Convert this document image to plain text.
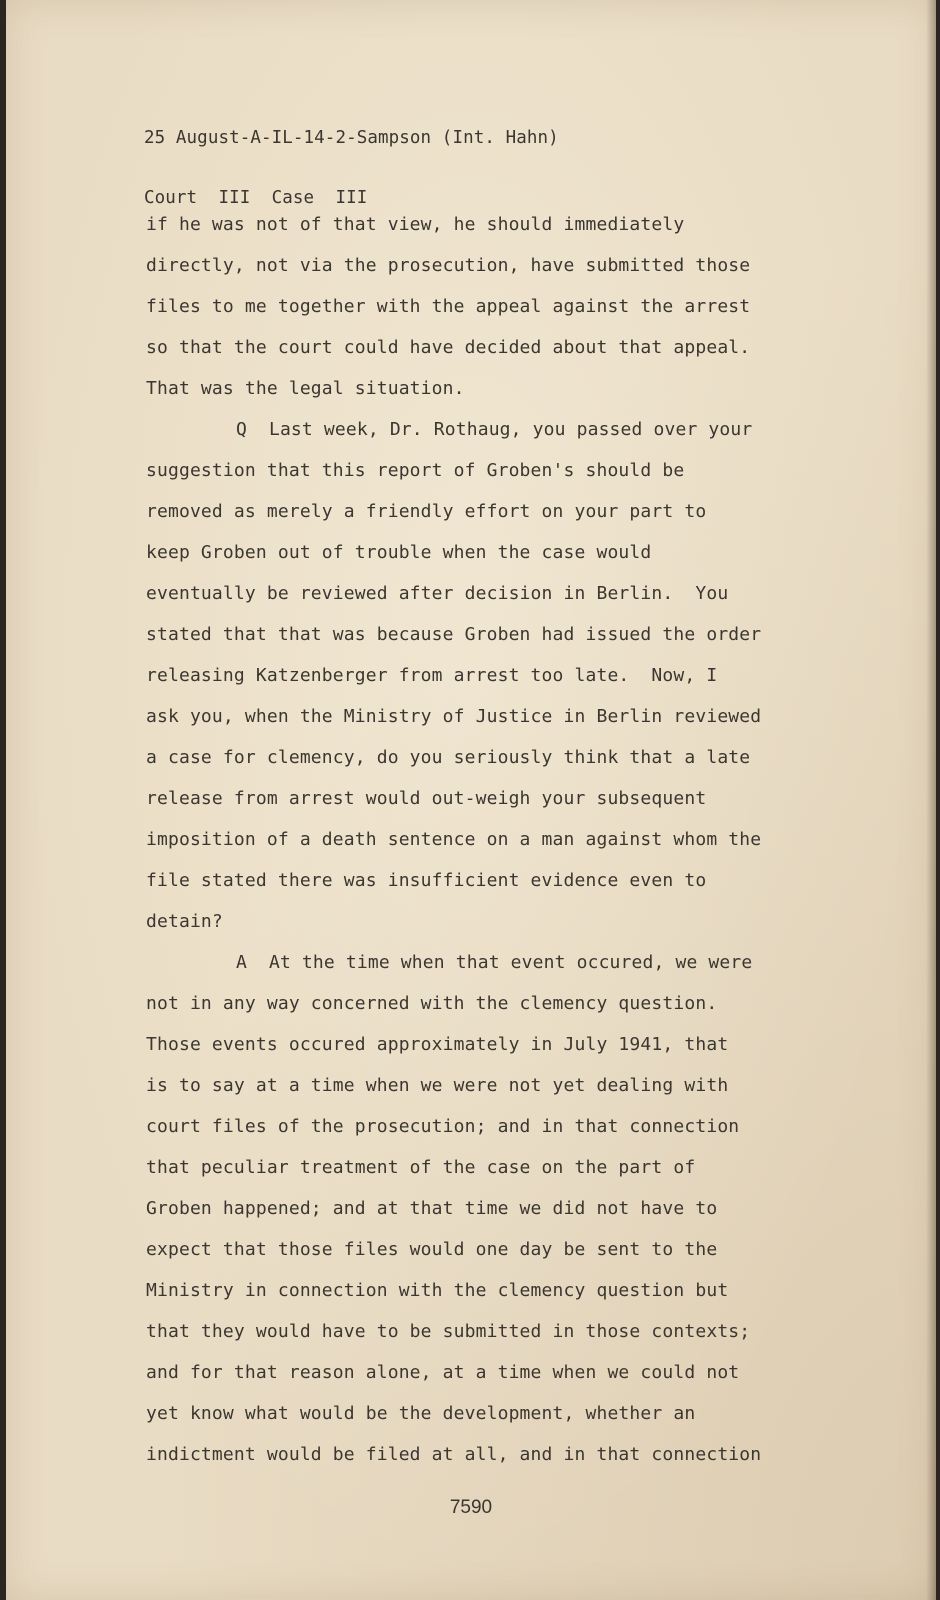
25 August-A-IL-14-2-Sampson (Int. Hahn)

Court  III  Case  III

if he was not of that view, he should immediately
directly, not via the prosecution, have submitted those
files to me together with the appeal against the arrest
so that the court could have decided about that appeal.
That was the legal situation.
Q  Last week, Dr. Rothaug, you passed over your
suggestion that this report of Groben's should be
removed as merely a friendly effort on your part to
keep Groben out of trouble when the case would
eventually be reviewed after decision in Berlin.  You
stated that that was because Groben had issued the order
releasing Katzenberger from arrest too late.  Now, I
ask you, when the Ministry of Justice in Berlin reviewed
a case for clemency, do you seriously think that a late
release from arrest would out-weigh your subsequent
imposition of a death sentence on a man against whom the
file stated there was insufficient evidence even to
detain?
A  At the time when that event occured, we were
not in any way concerned with the clemency question.
Those events occured approximately in July 1941, that
is to say at a time when we were not yet dealing with
court files of the prosecution; and in that connection
that peculiar treatment of the case on the part of
Groben happened; and at that time we did not have to
expect that those files would one day be sent to the
Ministry in connection with the clemency question but
that they would have to be submitted in those contexts;
and for that reason alone, at a time when we could not
yet know what would be the development, whether an
indictment would be filed at all, and in that connection
7590
